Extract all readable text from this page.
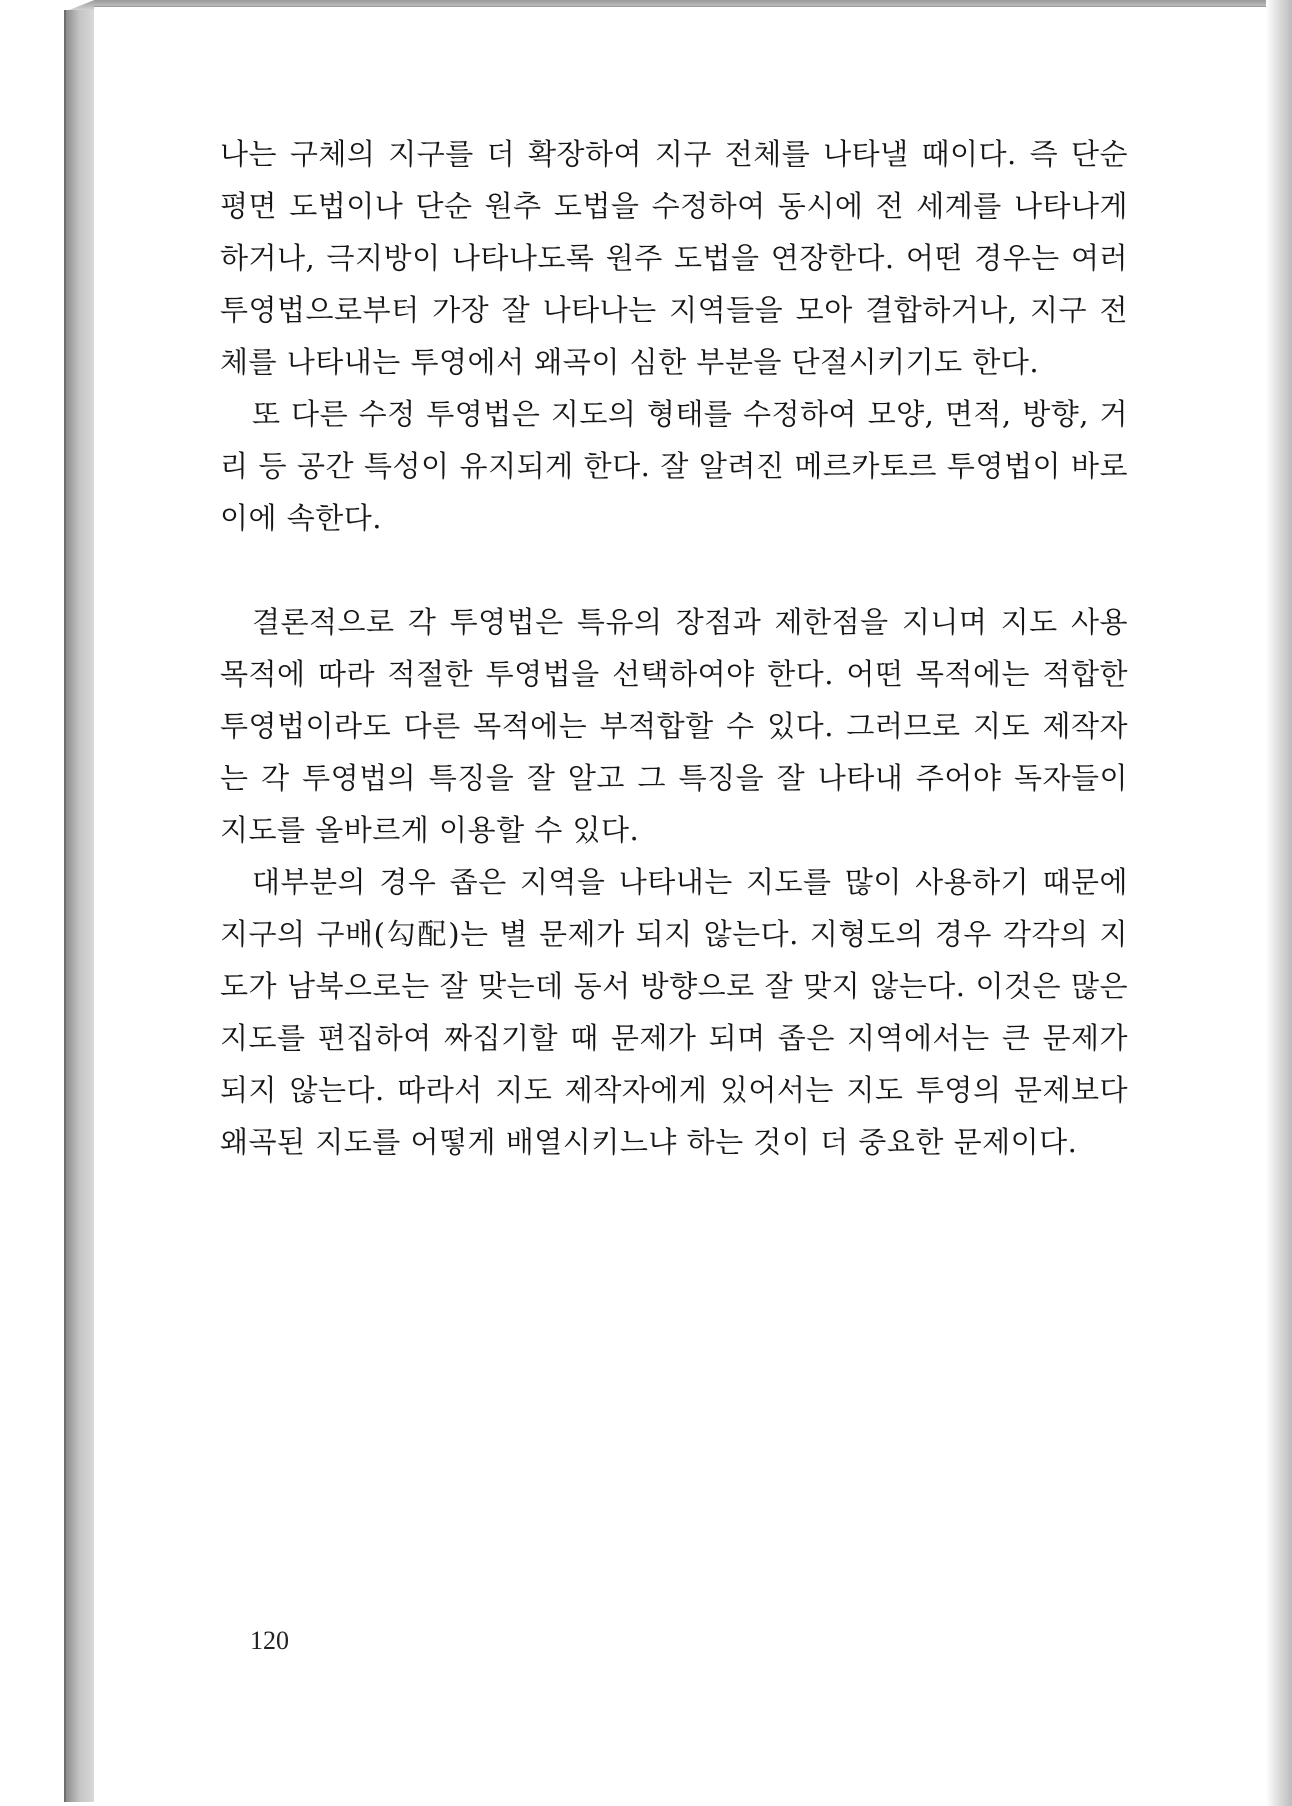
나는 구체의 지구를 더 확장하여 지구 전체를 나타낼 때이다. 즉 단순 평면 도법이나 단순 원추 도법을 수정하여 동시에 전 세계를 나타나게 하거나, 극지방이 나타나도록 원주 도법을 연장한다. 어떤 경우는 여러 투영법으로부터 가장 잘 나타나는 지역들을 모아 결합하거나, 지구 전체를 나타내는 투영에서 왜곡이 심한 부분을 단절시키기도 한다.

또 다른 수정 투영법은 지도의 형태를 수정하여 모양, 면적, 방향, 거리 등 공간 특성이 유지되게 한다. 잘 알려진 메르카토르 투영법이 바로 이에 속한다.

결론적으로 각 투영법은 특유의 장점과 제한점을 지니며 지도 사용 목적에 따라 적절한 투영법을 선택하여야 한다. 어떤 목적에는 적합한 투영법이라도 다른 목적에는 부적합할 수 있다. 그러므로 지도 제작자는 각 투영법의 특징을 잘 알고 그 특징을 잘 나타내 주어야 독자들이 지도를 올바르게 이용할 수 있다.

대부분의 경우 좁은 지역을 나타내는 지도를 많이 사용하기 때문에 지구의 구배(勾配)는 별 문제가 되지 않는다. 지형도의 경우 각각의 지도가 남북으로는 잘 맞는데 동서 방향으로 잘 맞지 않는다. 이것은 많은 지도를 편집하여 짜집기할 때 문제가 되며 좁은 지역에서는 큰 문제가 되지 않는다. 따라서 지도 제작자에게 있어서는 지도 투영의 문제보다 왜곡된 지도를 어떻게 배열시키느냐 하는 것이 더 중요한 문제이다.

120
